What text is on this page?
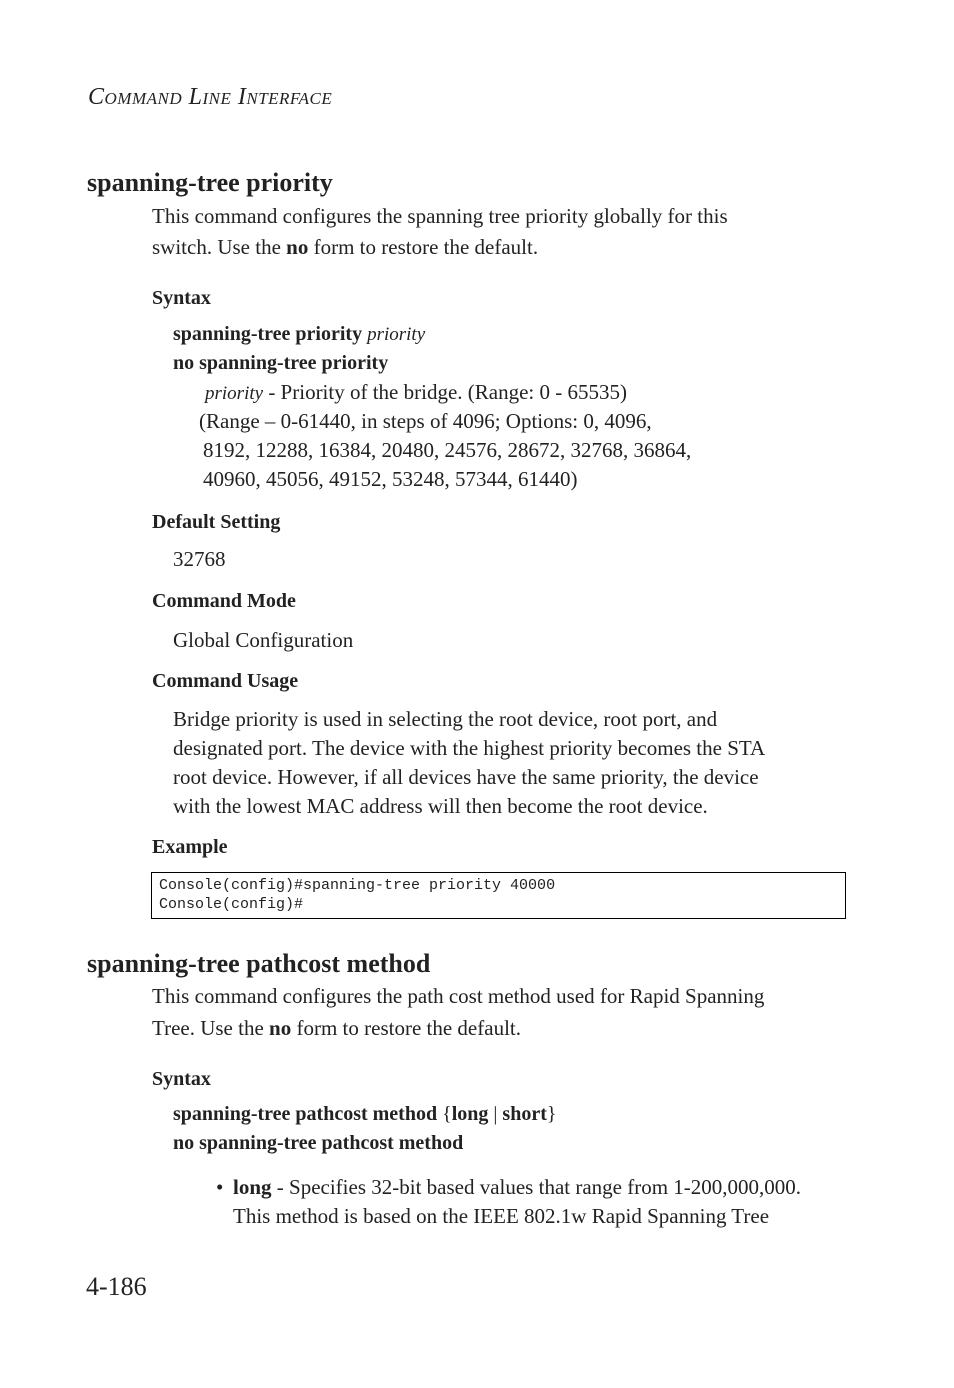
COMMAND LINE INTERFACE
spanning-tree priority
This command configures the spanning tree priority globally for this
switch. Use the no form to restore the default.
Syntax
spanning-tree priority priority
no spanning-tree priority
priority - Priority of the bridge. (Range: 0 - 65535)
(Range – 0-61440, in steps of 4096; Options: 0, 4096,
8192, 12288, 16384, 20480, 24576, 28672, 32768, 36864,
40960, 45056, 49152, 53248, 57344, 61440)
Default Setting
32768
Command Mode
Global Configuration
Command Usage
Bridge priority is used in selecting the root device, root port, and
designated port. The device with the highest priority becomes the STA
root device. However, if all devices have the same priority, the device
with the lowest MAC address will then become the root device.
Example
Console(config)#spanning-tree priority 40000
Console(config)#
spanning-tree pathcost method
This command configures the path cost method used for Rapid Spanning
Tree. Use the no form to restore the default.
Syntax
spanning-tree pathcost method {long | short}
no spanning-tree pathcost method
• long - Specifies 32-bit based values that range from 1-200,000,000.
This method is based on the IEEE 802.1w Rapid Spanning Tree
4-186
